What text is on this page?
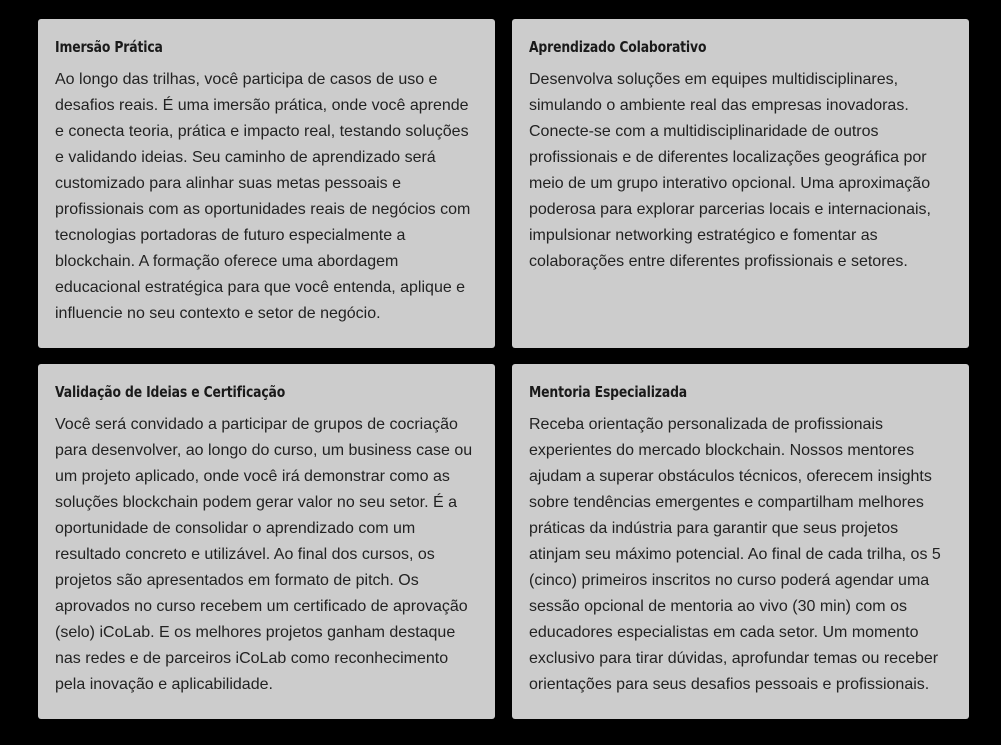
Imersão Prática

Ao longo das trilhas, você participa de casos de uso e desafios reais. É uma imersão prática, onde você aprende e conecta teoria, prática e impacto real, testando soluções e validando ideias. Seu caminho de aprendizado será customizado para alinhar suas metas pessoais e profissionais com as oportunidades reais de negócios com tecnologias portadoras de futuro especialmente a blockchain. A formação oferece uma abordagem educacional estratégica para que você entenda, aplique e influencie no seu contexto e setor de negócio.

Aprendizado Colaborativo

Desenvolva soluções em equipes multidisciplinares, simulando o ambiente real das empresas inovadoras. Conecte-se com a multidisciplinaridade de outros profissionais e de diferentes localizações geográfica por meio de um grupo interativo opcional. Uma aproximação poderosa para explorar parcerias locais e internacionais, impulsionar networking estratégico e fomentar as colaborações entre diferentes profissionais e setores.

Validação de Ideias e Certificação

Você será convidado a participar de grupos de cocriação para desenvolver, ao longo do curso, um business case ou um projeto aplicado, onde você irá demonstrar como as soluções blockchain podem gerar valor no seu setor. É a oportunidade de consolidar o aprendizado com um resultado concreto e utilizável. Ao final dos cursos, os projetos são apresentados em formato de pitch. Os aprovados no curso recebem um certificado de aprovação (selo) iCoLab. E os melhores projetos ganham destaque nas redes e de parceiros iCoLab como reconhecimento pela inovação e aplicabilidade.

Mentoria Especializada

Receba orientação personalizada de profissionais experientes do mercado blockchain. Nossos mentores ajudam a superar obstáculos técnicos, oferecem insights sobre tendências emergentes e compartilham melhores práticas da indústria para garantir que seus projetos atinjam seu máximo potencial. Ao final de cada trilha, os 5 (cinco) primeiros inscritos no curso poderá agendar uma sessão opcional de mentoria ao vivo (30 min) com os educadores especialistas em cada setor. Um momento exclusivo para tirar dúvidas, aprofundar temas ou receber orientações para seus desafios pessoais e profissionais.
